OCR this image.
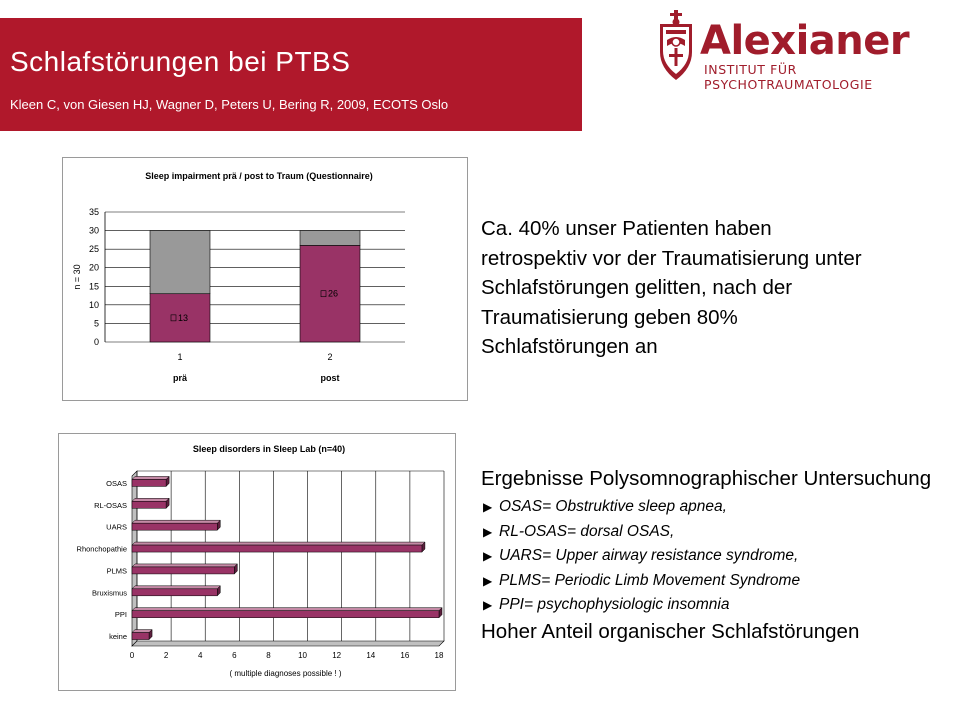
Schlafstörungen bei PTBS
Kleen C, von Giesen HJ, Wagner D, Peters U, Bering R, 2009, ECOTS Oslo
Alexianer
INSTITUT FÜR
PSYCHOTRAUMATOLOGIE
Sleep impairment prä / post to Traum (Questionnaire)
0
5
10
15
20
25
30
35
n = 30
13
1
prä
26
2
post
Sleep disorders in Sleep Lab (n=40)
0	2	4	6	8	10	12	14	16	18
OSAS
RL-OSAS
UARS
Rhonchopathie
PLMS
Bruxismus
PPI
keine
( multiple diagnoses possible ! )
Ca. 40% unser Patienten haben retrospektiv vor der Traumatisierung unter Schlafstörungen gelitten, nach der Traumatisierung geben 80% Schlafstörungen an
Ergebnisse Polysomnographischer Untersuchung
▶ OSAS= Obstruktive sleep apnea,
▶ RL-OSAS= dorsal OSAS,
▶ UARS= Upper airway resistance syndrome,
▶ PLMS= Periodic Limb Movement Syndrome
▶ PPI= psychophysiologic insomnia
Hoher Anteil organischer Schlafstörungen
